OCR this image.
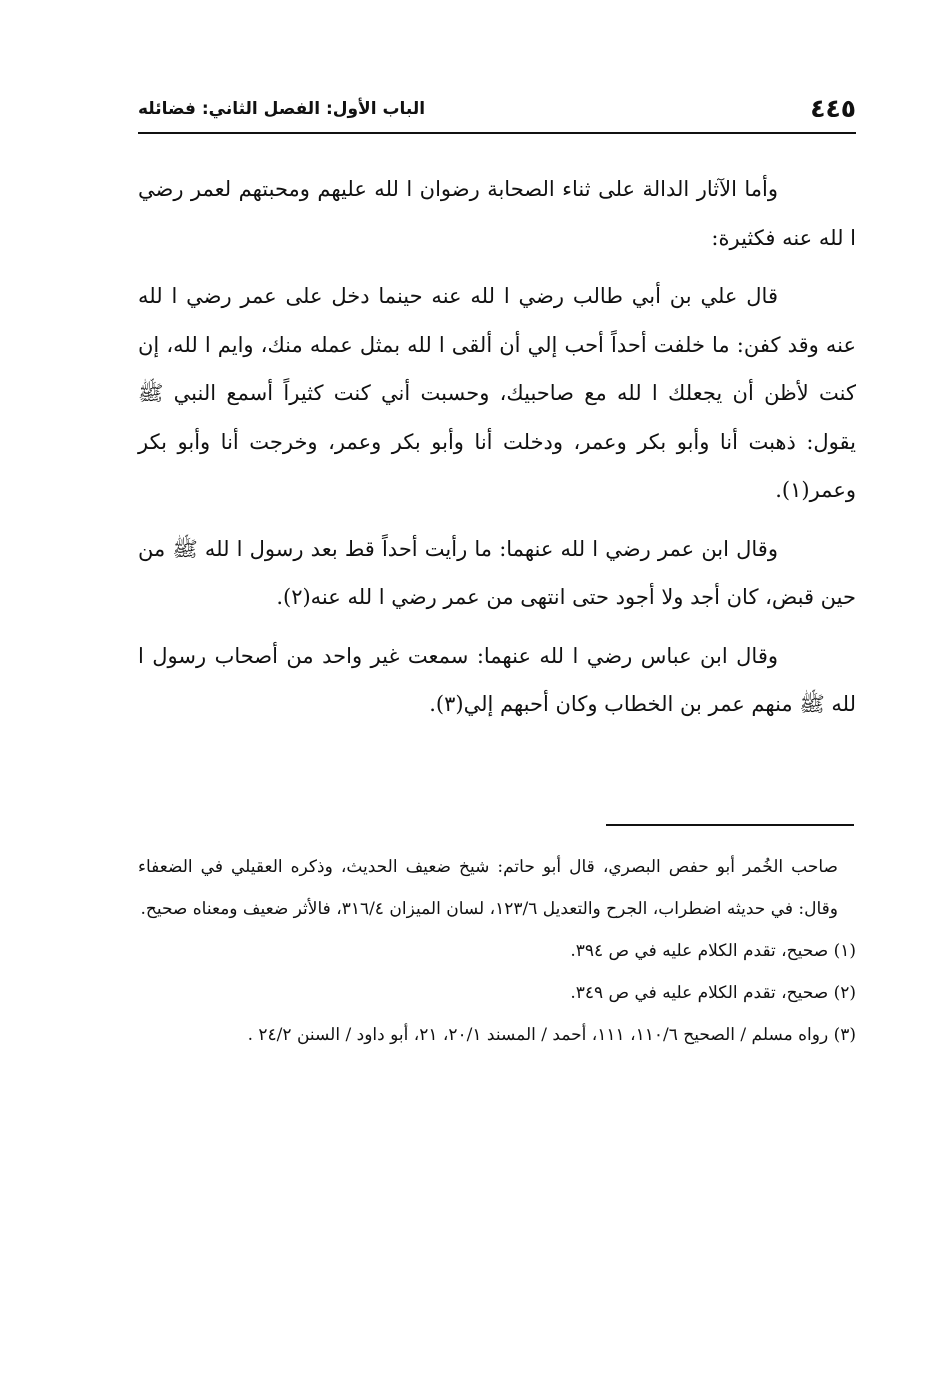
٤٤٥
الباب الأول: الفصل الثاني: فضائله

وأما الآثار الدالة على ثناء الصحابة رضوان ا لله عليهم ومحبتهم لعمر رضي ا لله عنه فكثيرة:

قال علي بن أبي طالب رضي ا لله عنه حينما دخل على عمر رضي ا لله عنه وقد كفن: ما خلفت أحداً أحب إلي أن ألقى ا لله بمثل عمله منك، وايم ا لله، إن كنت لأظن أن يجعلك ا لله مع صاحبيك، وحسبت أني كنت كثيراً أسمع النبي ﷺ يقول: ذهبت أنا وأبو بكر وعمر، ودخلت أنا وأبو بكر وعمر، وخرجت أنا وأبو بكر وعمر(١).

وقال ابن عمر رضي ا لله عنهما: ما رأيت أحداً قط بعد رسول ا لله ﷺ من حين قبض، كان أجد ولا أجود حتى انتهى من عمر رضي ا لله عنه(٢).

وقال ابن عباس رضي ا لله عنهما: سمعت غير واحد من أصحاب رسول ا لله ﷺ منهم عمر بن الخطاب وكان أحبهم إلي(٣).

صاحب الخُمر أبو حفص البصري، قال أبو حاتم: شيخ ضعيف الحديث، وذكره العقيلي في الضعفاء وقال: في حديثه اضطراب، الجرح والتعديل ١٢٣/٦، لسان الميزان ٣١٦/٤، فالأثر ضعيف ومعناه صحيح.

(١) صحيح، تقدم الكلام عليه في ص ٣٩٤.

(٢) صحيح، تقدم الكلام عليه في ص ٣٤٩.

(٣) رواه مسلم / الصحيح ١١٠/٦، ١١١، أحمد / المسند ٢٠/١، ٢١، أبو داود / السنن ٢٤/٢ .
